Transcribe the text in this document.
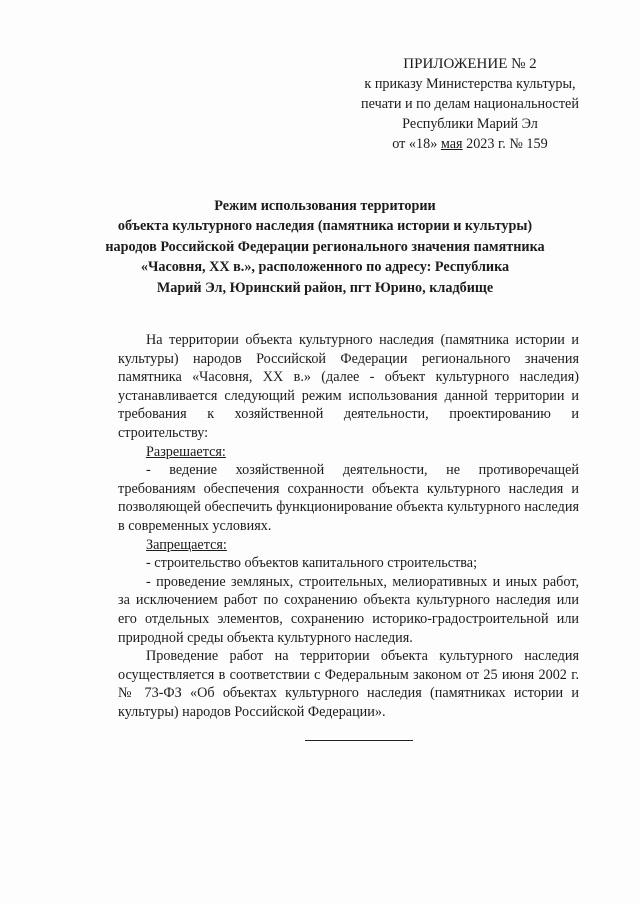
ПРИЛОЖЕНИЕ № 2
к приказу Министерства культуры,
печати и по делам национальностей
Республики Марий Эл
от «18» мая 2023 г. № 159
Режим использования территории
объекта культурного наследия (памятника истории и культуры)
народов Российской Федерации регионального значения памятника
«Часовня, XX в.», расположенного по адресу: Республика
Марий Эл, Юринский район, пгт Юрино, кладбище

На территории объекта культурного наследия (памятника истории и культуры) народов Российской Федерации регионального значения памятника «Часовня, XX в.» (далее - объект культурного наследия) устанавливается следующий режим использования данной территории и требования к хозяйственной деятельности, проектированию и строительству:

Разрешается:

- ведение хозяйственной деятельности, не противоречащей требованиям обеспечения сохранности объекта культурного наследия и позволяющей обеспечить функционирование объекта культурного наследия в современных условиях.

Запрещается:

- строительство объектов капитального строительства;

- проведение земляных, строительных, мелиоративных и иных работ, за исключением работ по сохранению объекта культурного наследия или его отдельных элементов, сохранению историко-градостроительной или природной среды объекта культурного наследия.

Проведение работ на территории объекта культурного наследия осуществляется в соответствии с Федеральным законом от 25 июня 2002 г. № 73-ФЗ «Об объектах культурного наследия (памятниках истории и культуры) народов Российской Федерации».
